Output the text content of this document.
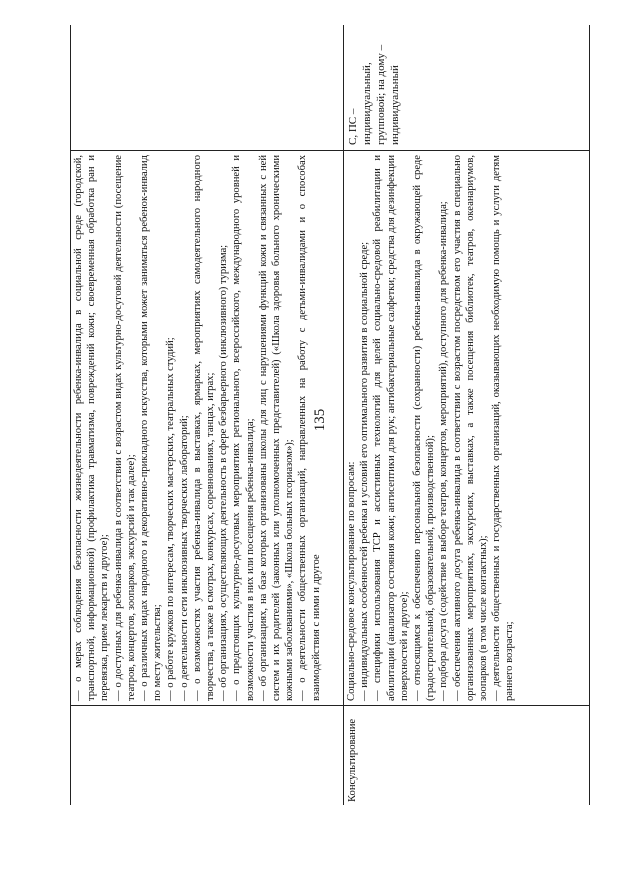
135

— о мерах соблюдения безопасности жизнедеятельности ребенка-инвалида в социальной среде (городской, транспортной, информационной) (профилактика травматизма, повреждений кожи; своевременная обработка ран и перевязка, прием лекарств и другое); — о доступных для ребенка-инвалида в соответствии с возрастом видах культурно-досуговой деятельности (посещение театров, концертов, зоопарков, экскурсий и так далее); — о различных видах народного и декоративно-прикладного искусства, которыми может заниматься ребенок-инвалид по месту жительства; — о работе кружков по интересам, творческих мастерских, театральных студий; — о деятельности сети инклюзивных творческих лабораторий; — о возможностях участия ребенка-инвалида в выставках, ярмарках, мероприятиях самодеятельного народного творчества, а также в смотрах, конкурсах, соревнованиях, танцах, играх; — об организациях, осуществляющих деятельность в сфере безбарьерного (инклюзивного) туризма; — о предстоящих культурно-досуговых мероприятиях регионального, всероссийского, международного уровней и возможности участия в них или посещения ребенка-инвалида; — об организациях, на базе которых организованы школы для лиц с нарушениями функций кожи и связанных с ней систем и их родителей (законных или уполномоченных представителей) («Школа здоровья больного хроническими кожными заболеваниями», «Школа больных псориазом»); — о деятельности общественных организаций, направленных на работу с детьми-инвалидами и о способах взаимодействия с ними и другое

Консультирование

Социально-средовое консультирование по вопросам: — индивидуальных особенностей ребенка и условий его оптимального развития в социальной среде; — специфики использования ТСР и ассистивных технологий для целей социально-средовой реабилитации и абилитации (анализатор состояния кожи; антисептики для рук; антибактериальные салфетки; средства для дезинфекции поверхностей и другое); — относящимся к обеспечению персональной безопасности (сохранности) ребенка-инвалида в окружающей среде (градостроительной, образовательной, производственной); — подбора досуга (содействие в выборе театров, концертов, мероприятий), доступного для ребенка-инвалида; — обеспечения активного досуга ребенка-инвалида в соответствии с возрастом посредством его участия в специально организованных мероприятиях, экскурсиях, выставках, а также посещения библиотек, театров, океанариумов, зоопарков (в том числе контактных); — деятельности общественных и государственных организаций, оказывающих необходимую помощь и услуги детям раннего возраста;

С, ПС – индивидуальный, групповой; на дому – индивидуальный
